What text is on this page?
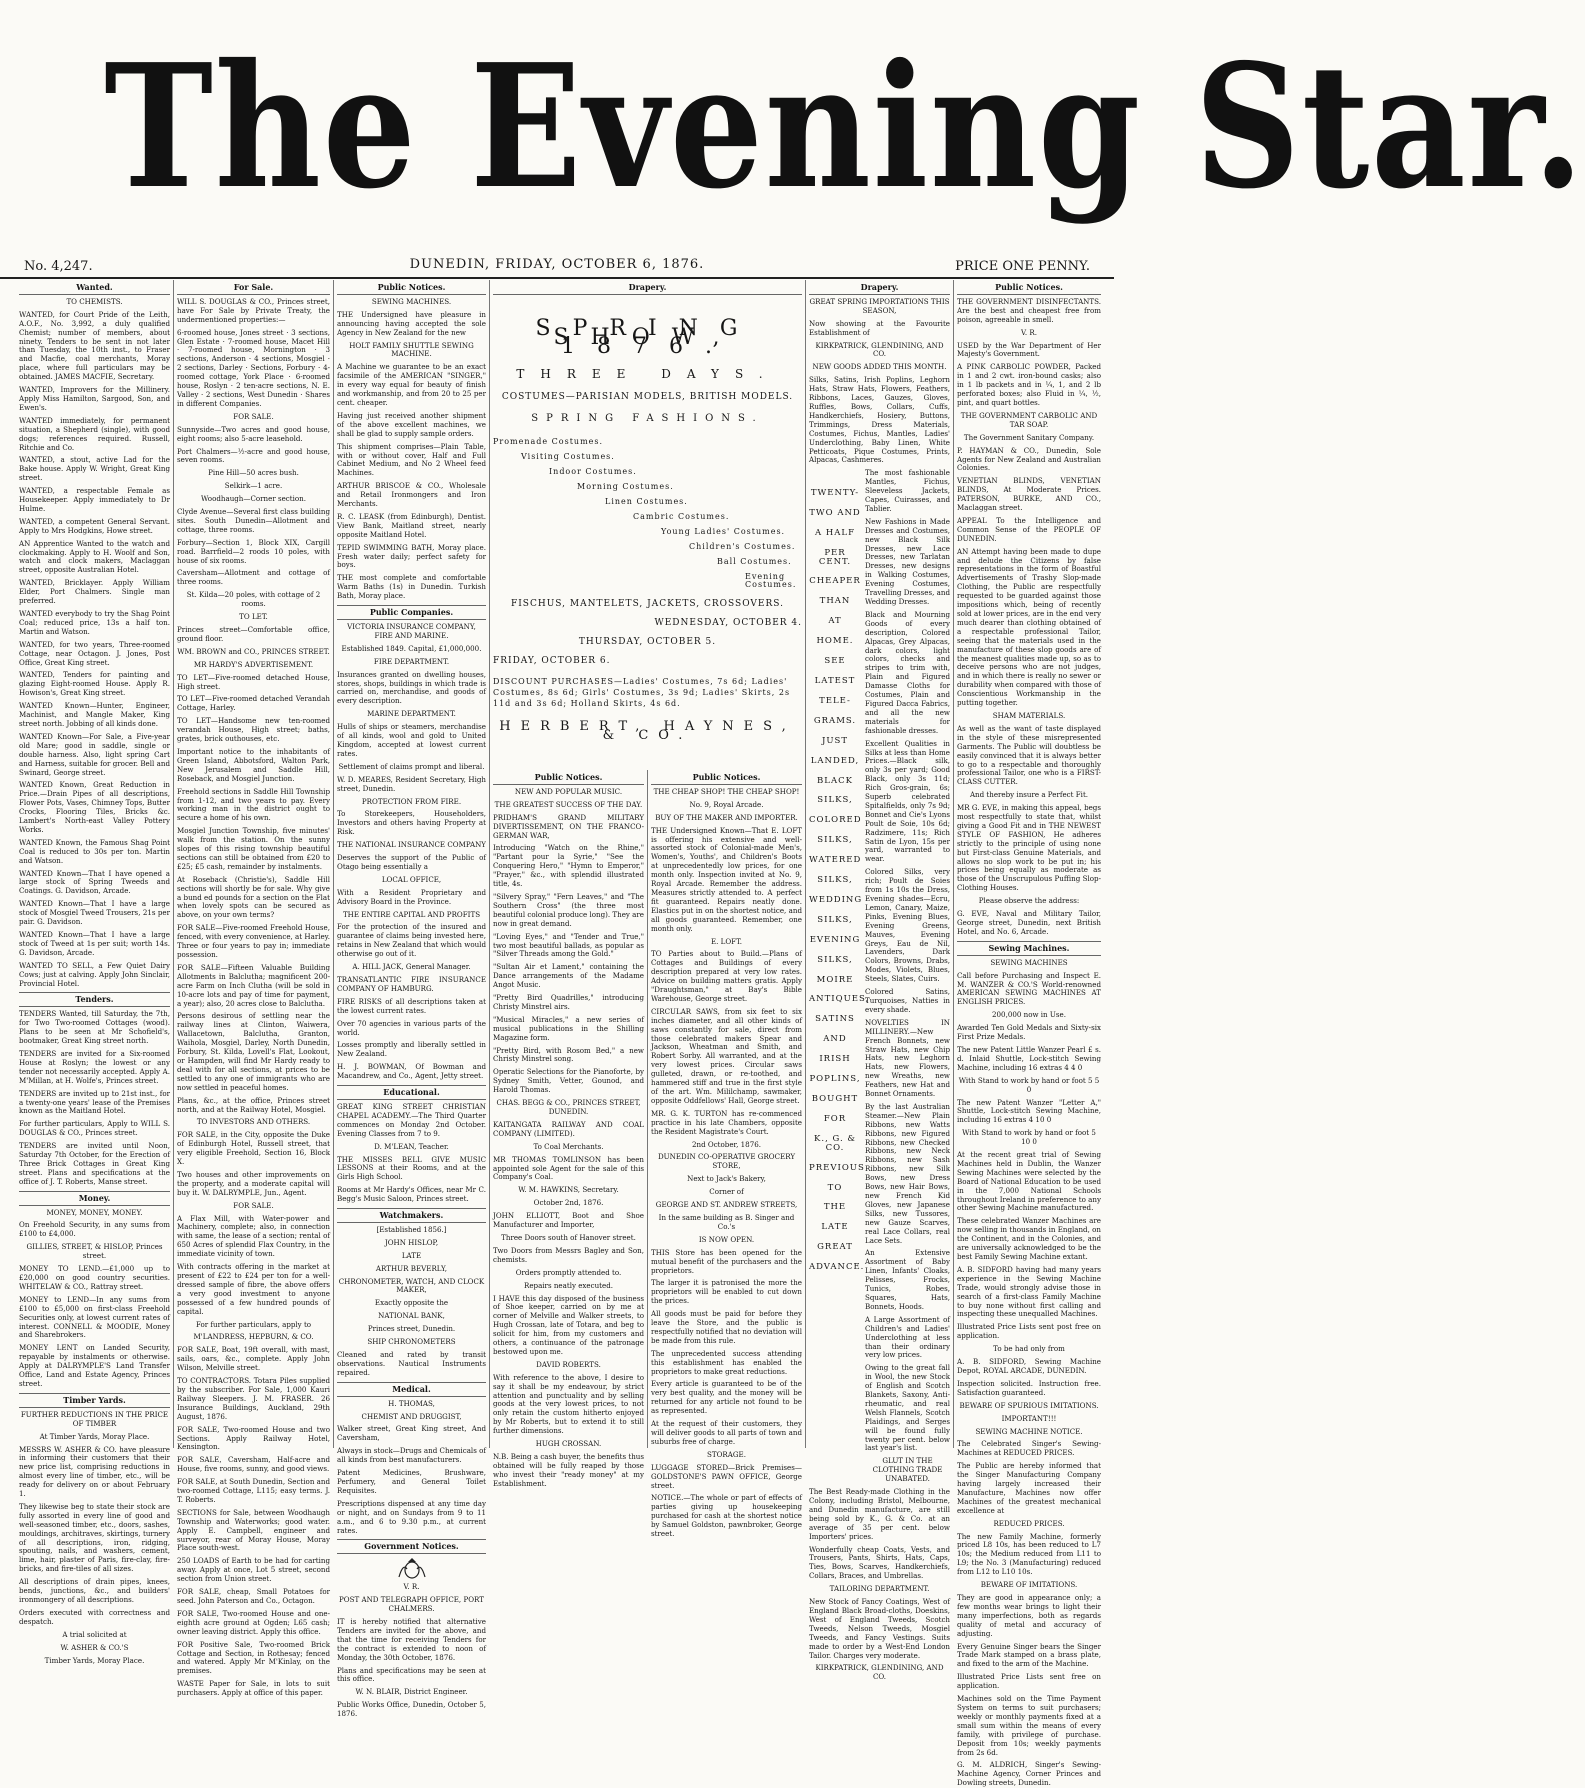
The Evening Star.
No. 4,247.	DUNEDIN, FRIDAY, OCTOBER 6, 1876.	PRICE ONE PENNY.
Wanted.

TO CHEMISTS.

WANTED, for Court Pride of the Leith, A.O.F., No. 3,992, a duly qualified Chemist; number of members, about ninety. Tenders to be sent in not later than Tuesday, the 10th inst., to Fraser and Macfie, coal merchants, Moray place, where full particulars may be obtained. JAMES MACFIE, Secretary.

WANTED, Improvers for the Millinery. Apply Miss Hamilton, Sargood, Son, and Ewen's.

WANTED immediately, for permanent situation, a Shepherd (single), with good dogs; references required. Russell, Ritchie and Co.

WANTED, a stout, active Lad for the Bake house. Apply W. Wright, Great King street.

WANTED, a respectable Female as Housekeeper. Apply immediately to Dr Hulme.

WANTED, a competent General Servant. Apply to Mrs Hodgkins, Howe street.

AN Apprentice Wanted to the watch and clockmaking. Apply to H. Woolf and Son, watch and clock makers, Maclaggan street, opposite Australian Hotel.

WANTED, Bricklayer. Apply William Elder, Port Chalmers. Single man preferred.

WANTED everybody to try the Shag Point Coal; reduced price, 13s a half ton. Martin and Watson.

WANTED, for two years, Three-roomed Cottage, near Octagon. J. Jones, Post Office, Great King street.

WANTED, Tenders for painting and glazing Eight-roomed House. Apply R. Howison's, Great King street.

WANTED Known—Hunter, Engineer, Machinist, and Mangle Maker, King street north. Jobbing of all kinds done.

WANTED Known—For Sale, a Five-year old Mare; good in saddle, single or double harness. Also, light spring Cart and Harness, suitable for grocer. Bell and Swinard, George street.

WANTED Known, Great Reduction in Price.—Drain Pipes of all descriptions, Flower Pots, Vases, Chimney Tops, Butter Crocks, Flooring Tiles, Bricks &c. Lambert's North-east Valley Pottery Works.

WANTED Known, the Famous Shag Point Coal is reduced to 30s per ton. Martin and Watson.

WANTED Known—That I have opened a large stock of Spring Tweeds and Coatings. G. Davidson, Arcade.

WANTED Known—That I have a large stock of Mosgiel Tweed Trousers, 21s per pair. G. Davidson.

WANTED Known—That I have a large stock of Tweed at 1s per suit; worth 14s. G. Davidson, Arcade.

WANTED TO SELL, a Few Quiet Dairy Cows; just at calving. Apply John Sinclair, Provincial Hotel.

Tenders.

TENDERS Wanted, till Saturday, the 7th, for Two Two-roomed Cottages (wood). Plans to be seen at Mr Schofield's, bootmaker, Great King street north.

TENDERS are invited for a Six-roomed House at Roslyn; the lowest or any tender not necessarily accepted. Apply A. M'Millan, at H. Wolfe's, Princes street.

TENDERS are invited up to 21st inst., for a twenty-one years' lease of the Premises known as the Maitland Hotel.

For further particulars, Apply to WILL S. DOUGLAS & CO., Princes street.

TENDERS are invited until Noon, Saturday 7th October, for the Erection of Three Brick Cottages in Great King street. Plans and specifications at the office of J. T. Roberts, Manse street.

Money.

MONEY, MONEY, MONEY.

On Freehold Security, in any sums from £100 to £4,000.

GILLIES, STREET, & HISLOP, Princes street.

MONEY TO LEND.—£1,000 up to £20,000 on good country securities. WHITELAW & CO., Rattray street.

MONEY to LEND—In any sums from £100 to £5,000 on first-class Freehold Securities only, at lowest current rates of interest. CONNELL & MOODIE, Money and Sharebrokers.

MONEY LENT on Landed Security, repayable by instalments or otherwise. Apply at DALRYMPLE'S Land Transfer Office, Land and Estate Agency, Princes street.

Timber Yards.

FURTHER REDUCTIONS IN THE PRICE OF TIMBER

At Timber Yards, Moray Place.

MESSRS W. ASHER & CO. have pleasure in informing their customers that their new price list, comprising reductions in almost every line of timber, etc., will be ready for delivery on or about February 1.

They likewise beg to state their stock are fully assorted in every line of good and well-seasoned timber, etc., doors, sashes, mouldings, architraves, skirtings, turnery of all descriptions, iron, ridging, spouting, nails, and washers, cement, lime, hair, plaster of Paris, fire-clay, fire-bricks, and fire-tiles of all sizes.

All descriptions of drain pipes, knees, bends, junctions, &c., and builders' ironmongery of all descriptions.

Orders executed with correctness and despatch.

A trial solicited at

W. ASHER & CO.'S

Timber Yards, Moray Place.

For Sale.

WILL S. DOUGLAS & CO., Princes street, have For Sale by Private Treaty, the undermentioned properties:—

6-roomed house, Jones street · 3 sections, Glen Estate · 7-roomed house, Macet Hill · 7-roomed house, Mornington · 3 sections, Anderson · 4 sections, Mosgiel · 2 sections, Darley · Sections, Forbury · 4-roomed cottage, York Place · 6-roomed house, Roslyn · 2 ten-acre sections, N. E. Valley · 2 sections, West Dunedin · Shares in different Companies.

FOR SALE.

Sunnyside—Two acres and good house, eight rooms; also 5-acre leasehold.

Port Chalmers—½-acre and good house, seven rooms.

Pine Hill—50 acres bush.

Selkirk—1 acre.

Woodhaugh—Corner section.

Clyde Avenue—Several first class building sites. South Dunedin—Allotment and cottage, three rooms.

Forbury—Section 1, Block XIX, Cargill road. Barrfield—2 roods 10 poles, with house of six rooms.

Caversham—Allotment and cottage of three rooms.

St. Kilda—20 poles, with cottage of 2 rooms.

TO LET.

Princes street—Comfortable office, ground floor.

WM. BROWN and CO., PRINCES STREET.

MR HARDY'S ADVERTISEMENT.

TO LET—Five-roomed detached House, High street.

TO LET—Five-roomed detached Verandah Cottage, Harley.

TO LET—Handsome new ten-roomed verandah House, High street; baths, grates, brick outhouses, etc.

Important notice to the inhabitants of Green Island, Abbotsford, Walton Park, New Jerusalem and Saddle Hill, Roseback, and Mosgiel Junction.

Freehold sections in Saddle Hill Township from 1-12, and two years to pay. Every working man in the district ought to secure a home of his own.

Mosgiel Junction Township, five minutes' walk from the station. On the sunny slopes of this rising township beautiful sections can still be obtained from £20 to £25; £5 cash, remainder by instalments.

At Roseback (Christie's), Saddle Hill sections will shortly be for sale. Why give a bund ed pounds for a section on the Flat when lovely spots can be secured as above, on your own terms?

FOR SALE—Five-roomed Freehold House, fenced, with every convenience, at Harley. Three or four years to pay in; immediate possession.

FOR SALE—Fifteen Valuable Building Allotments in Balclutha; magnificent 200-acre Farm on Inch Clutha (will be sold in 10-acre lots and pay of time for payment, a year); also, 20 acres close to Balclutha.

Persons desirous of settling near the railway lines at Clinton, Waiwera, Wallacetown, Balclutha, Granton, Waihola, Mosgiel, Darley, North Dunedin, Forbury, St. Kilda, Lovell's Flat, Lookout, or Hampden, will find Mr Hardy ready to deal with for all sections, at prices to be settled to any one of immigrants who are now settled in peaceful homes.

Plans, &c., at the office, Princes street north, and at the Railway Hotel, Mosgiel.

TO INVESTORS AND OTHERS.

FOR SALE, in the City, opposite the Duke of Edinburgh Hotel, Russell street, that very eligible Freehold, Section 16, Block X.

Two houses and other improvements on the property, and a moderate capital will buy it. W. DALRYMPLE, Jun., Agent.

FOR SALE.

A Flax Mill, with Water-power and Machinery, complete; also, in connection with same, the lease of a section; rental of 650 Acres of splendid Flax Country, in the immediate vicinity of town.

With contracts offering in the market at present of £22 to £24 per ton for a well-dressed sample of fibre, the above offers a very good investment to anyone possessed of a few hundred pounds of capital.

For further particulars, apply to

M'LANDRESS, HEPBURN, & CO.

FOR SALE, Boat, 19ft overall, with mast, sails, oars, &c., complete. Apply John Wilson, Melville street.

TO CONTRACTORS. Totara Piles supplied by the subscriber. For Sale, 1,000 Kauri Railway Sleepers. J. M. FRASER. 26 Insurance Buildings, Auckland, 29th August, 1876.

FOR SALE, Two-roomed House and two Sections. Apply Railway Hotel, Kensington.

FOR SALE, Caversham, Half-acre and House, five rooms, sunny, and good views.

FOR SALE, at South Dunedin, Section and two-roomed Cottage, L115; easy terms. J. T. Roberts.

SECTIONS for Sale, between Woodhaugh Township and Waterworks; good water. Apply E. Campbell, engineer and surveyor, rear of Moray House, Moray Place south-west.

250 LOADS of Earth to be had for carting away. Apply at once, Lot 5 street, second section from Union street.

FOR SALE, cheap, Small Potatoes for seed. John Paterson and Co., Octagon.

FOR SALE, Two-roomed House and one-eighth acre ground at Ogden; L65 cash; owner leaving district. Apply this office.

FOR Positive Sale, Two-roomed Brick Cottage and Section, in Rothesay; fenced and watered. Apply Mr M'Kinlay, on the premises.

WASTE Paper for Sale, in lots to suit purchasers. Apply at office of this paper.

Public Notices.

SEWING MACHINES.

THE Undersigned have pleasure in announcing having accepted the sole Agency in New Zealand for the new

HOLT FAMILY SHUTTLE SEWING MACHINE.

A Machine we guarantee to be an exact facsimile of the AMERICAN "SINGER," in every way equal for beauty of finish and workmanship, and from 20 to 25 per cent. cheaper.

Having just received another shipment of the above excellent machines, we shall be glad to supply sample orders.

This shipment comprises—Plain Table, with or without cover, Half and Full Cabinet Medium, and No 2 Wheel feed Machines.

ARTHUR BRISCOE & CO., Wholesale and Retail Ironmongers and Iron Merchants.

R. C. LEASK (from Edinburgh), Dentist. View Bank, Maitland street, nearly opposite Maitland Hotel.

TEPID SWIMMING BATH, Moray place. Fresh water daily; perfect safety for boys.

THE most complete and comfortable Warm Baths (1s) in Dunedin. Turkish Bath, Moray place.

Public Companies.

VICTORIA INSURANCE COMPANY, FIRE AND MARINE.

Established 1849. Capital, £1,000,000.

FIRE DEPARTMENT.

Insurances granted on dwelling houses, stores, shops, buildings in which trade is carried on, merchandise, and goods of every description.

MARINE DEPARTMENT.

Hulls of ships or steamers, merchandise of all kinds, wool and gold to United Kingdom, accepted at lowest current rates.

Settlement of claims prompt and liberal.

W. D. MEARES, Resident Secretary, High street, Dunedin.

PROTECTION FROM FIRE.

To Storekeepers, Householders, Investors and others having Property at Risk.

THE NATIONAL INSURANCE COMPANY

Deserves the support of the Public of Otago being essentially a

LOCAL OFFICE,

With a Resident Proprietary and Advisory Board in the Province.

THE ENTIRE CAPITAL AND PROFITS

For the protection of the insured and guarantee of claims being invested here, retains in New Zealand that which would otherwise go out of it.

A. HILL JACK, General Manager.

TRANSATLANTIC FIRE INSURANCE COMPANY OF HAMBURG.

FIRE RISKS of all descriptions taken at the lowest current rates.

Over 70 agencies in various parts of the world.

Losses promptly and liberally settled in New Zealand.

H. J. BOWMAN, Of Bowman and Macandrew, and Co., Agent, Jetty street.

Educational.

GREAT KING STREET CHRISTIAN CHAPEL ACADEMY.—The Third Quarter commences on Monday 2nd October. Evening Classes from 7 to 9.

D. M'LEAN, Teacher.

THE MISSES BELL GIVE MUSIC LESSONS at their Rooms, and at the Girls High School.

Rooms at Mr Hardy's Offices, near Mr C. Begg's Music Saloon, Princes street.

Watchmakers.

[Established 1856.]

JOHN HISLOP,

LATE

ARTHUR BEVERLY,

CHRONOMETER, WATCH, AND CLOCK MAKER,

Exactly opposite the

NATIONAL BANK,

Princes street, Dunedin.

SHIP CHRONOMETERS

Cleaned and rated by transit observations. Nautical Instruments repaired.

Medical.

H. THOMAS,

CHEMIST AND DRUGGIST,

Walker street, Great King street, And Caversham,

Always in stock—Drugs and Chemicals of all kinds from best manufacturers.

Patent Medicines, Brushware, Perfumery, and General Toilet Requisites.

Prescriptions dispensed at any time day or night, and on Sundays from 9 to 11 a.m., and 6 to 9.30 p.m., at current rates.

Government Notices.

V. R.

POST AND TELEGRAPH OFFICE, PORT CHALMERS.

IT is hereby notified that alternative Tenders are invited for the above, and that the time for receiving Tenders for the contract is extended to noon of Monday, the 30th October, 1876.

Plans and specifications may be seen at this office.

W. N. BLAIR, District Engineer.

Public Works Office, Dunedin, October 5, 1876.

Drapery.
SPRING SHOW, 1876.
THREE DAYS.
COSTUMES—PARISIAN MODELS, BRITISH MODELS.
SPRING FASHIONS.
Promenade Costumes.
Visiting Costumes.
Indoor Costumes.
Morning Costumes.
Linen Costumes.
Cambric Costumes.
Young Ladies' Costumes.
Children's Costumes.
Ball Costumes.
Evening Costumes.
FISCHUS, MANTELETS, JACKETS, CROSSOVERS.
WEDNESDAY, OCTOBER 4.
THURSDAY, OCTOBER 5.
FRIDAY, OCTOBER 6.
DISCOUNT PURCHASES—Ladies' Costumes, 7s 6d; Ladies' Costumes, 8s 6d; Girls' Costumes, 3s 9d; Ladies' Skirts, 2s 11d and 3s 6d; Holland Skirts, 4s 6d.
HERBERT, HAYNES, & CO.
Public Notices.

NEW AND POPULAR MUSIC.

THE GREATEST SUCCESS OF THE DAY.

PRIDHAM'S GRAND MILITARY DIVERTISSEMENT, ON THE FRANCO-GERMAN WAR,

Introducing "Watch on the Rhine," "Partant pour la Syrie," "See the Conquering Hero," "Hymn to Emperor," "Prayer," &c., with splendid illustrated title, 4s.

"Silvery Spray," "Fern Leaves," and "The Southern Cross" (the three most beautiful colonial produce long). They are now in great demand.

"Loving Eyes," and "Tender and True," two most beautiful ballads, as popular as "Silver Threads among the Gold."

"Sultan Air et Lament," containing the Dance arrangements of the Madame Angot Music.

"Pretty Bird Quadrilles," introducing Christy Minstrel airs.

"Musical Miracles," a new series of musical publications in the Shilling Magazine form.

"Pretty Bird, with Rosom Bed," a new Christy Minstrel song.

Operatic Selections for the Pianoforte, by Sydney Smith, Vetter, Gounod, and Harold Thomas.

CHAS. BEGG & CO., PRINCES STREET, DUNEDIN.

KAITANGATA RAILWAY AND COAL COMPANY (LIMITED).

To Coal Merchants.

MR THOMAS TOMLINSON has been appointed sole Agent for the sale of this Company's Coal.

W. M. HAWKINS, Secretary.

October 2nd, 1876.

JOHN ELLIOTT, Boot and Shoe Manufacturer and Importer,

Three Doors south of Hanover street.

Two Doors from Messrs Bagley and Son, chemists.

Orders promptly attended to.

Repairs neatly executed.

I HAVE this day disposed of the business of Shoe keeper, carried on by me at corner of Melville and Walker streets, to Hugh Crossan, late of Totara, and beg to solicit for him, from my customers and others, a continuance of the patronage bestowed upon me.

DAVID ROBERTS.

With reference to the above, I desire to say it shall be my endeavour, by strict attention and punctuality and by selling goods at the very lowest prices, to not only retain the custom hitherto enjoyed by Mr Roberts, but to extend it to still further dimensions.

HUGH CROSSAN.

N.B. Being a cash buyer, the benefits thus obtained will be fully reaped by those who invest their "ready money" at my Establishment.

Public Notices.

THE CHEAP SHOP! THE CHEAP SHOP!

No. 9, Royal Arcade.

BUY OF THE MAKER AND IMPORTER.

THE Undersigned Known—That E. LOFT is offering his extensive and well-assorted stock of Colonial-made Men's, Women's, Youths', and Children's Boots at unprecedentedly low prices, for one month only. Inspection invited at No. 9, Royal Arcade. Remember the address. Measures strictly attended to. A perfect fit guaranteed. Repairs neatly done. Elastics put in on the shortest notice, and all goods guaranteed. Remember, one month only.

E. LOFT.

TO Parties about to Build.—Plans of Cottages and Buildings of every description prepared at very low rates. Advice on building matters gratis. Apply "Draughtsman," at Bay's Bible Warehouse, George street.

CIRCULAR SAWS, from six feet to six inches diameter, and all other kinds of saws constantly for sale, direct from those celebrated makers Spear and Jackson, Wheatman and Smith, and Robert Sorby. All warranted, and at the very lowest prices. Circular saws gulleted, drawn, or re-toothed, and hammered stiff and true in the first style of the art. Wm. Mililchamp, sawmaker, opposite Oddfellows' Hall, George street.

MR. G. K. TURTON has re-commenced practice in his late Chambers, opposite the Resident Magistrate's Court.

2nd October, 1876.

DUNEDIN CO-OPERATIVE GROCERY STORE,

Next to Jack's Bakery,

Corner of

GEORGE AND ST. ANDREW STREETS,

In the same building as B. Singer and Co.'s

IS NOW OPEN.

THIS Store has been opened for the mutual benefit of the purchasers and the proprietors.

The larger it is patronised the more the proprietors will be enabled to cut down the prices.

All goods must be paid for before they leave the Store, and the public is respectfully notified that no deviation will be made from this rule.

The unprecedented success attending this establishment has enabled the proprietors to make great reductions.

Every article is guaranteed to be of the very best quality, and the money will be returned for any article not found to be as represented.

At the request of their customers, they will deliver goods to all parts of town and suburbs free of charge.

STORAGE.

LUGGAGE STORED—Brick Premises—GOLDSTONE'S PAWN OFFICE, George street.

NOTICE.—The whole or part of effects of parties giving up housekeeping purchased for cash at the shortest notice by Samuel Goldston, pawnbroker, George street.

Drapery.
TWENTY-
TWO AND
A HALF
PER CENT.
CHEAPER
THAN
AT
HOME.
SEE
LATEST
TELE-
GRAMS.
JUST
LANDED,
BLACK
SILKS,
COLORED
SILKS,
WATERED
SILKS,
WEDDING
SILKS,
EVENING
SILKS,
MOIRE
ANTIQUES,
SATINS
AND
IRISH
POPLINS,
BOUGHT
FOR
K., G. & CO.
PREVIOUS
TO
THE
LATE
GREAT
ADVANCE.

GREAT SPRING IMPORTATIONS THIS SEASON,

Now showing at the Favourite Establishment of

KIRKPATRICK, GLENDINING, AND CO.

NEW GOODS ADDED THIS MONTH.

Silks, Satins, Irish Poplins, Leghorn Hats, Straw Hats, Flowers, Feathers, Ribbons, Laces, Gauzes, Gloves, Ruffles, Bows, Collars, Cuffs, Handkerchiefs, Hosiery, Buttons, Trimmings, Dress Materials, Costumes, Fichus, Mantles, Ladies' Underclothing, Baby Linen, White Petticoats, Pique Costumes, Prints, Alpacas, Cashmeres.

The most fashionable Mantles, Fichus, Sleeveless Jackets, Capes, Cuirasses, and Tablier.

New Fashions in Made Dresses and Costumes, new Black Silk Dresses, new Lace Dresses, new Tarlatan Dresses, new designs in Walking Costumes, Evening Costumes, Travelling Dresses, and Wedding Dresses.

Black and Mourning Goods of every description, Colored Alpacas, Grey Alpacas, dark colors, light colors, checks and stripes to trim with, Plain and Figured Damasse Cloths for Costumes, Plain and Figured Dacca Fabrics, and all the new materials for fashionable dresses.

Excellent Qualities in Silks at less than Home Prices.—Black silk, only 3s per yard; Good Black, only 3s 11d; Rich Gros-grain, 6s; Superb celebrated Spitalfields, only 7s 9d; Bonnet and Cie's Lyons Poult de Soie, 10s 6d; Radzimere, 11s; Rich Satin de Lyon, 15s per yard, warranted to wear.

Colored Silks, very rich; Poult de Soies from 1s 10s the Dress, Evening shades—Ecru, Lemon, Canary, Maize, Pinks, Evening Blues, Evening Greens, Mauves, Evening Greys, Eau de Nil, Lavenders, Dark Colors, Browns, Drabs, Modes, Violets, Blues, Steels, Slates, Cuirs.

Colored Satins, Turquoises, Natties in every shade.

NOVELTIES IN MILLINERY.—New French Bonnets, new Straw Hats, new Chip Hats, new Leghorn Hats, new Flowers, new Wreaths, new Feathers, new Hat and Bonnet Ornaments.

By the last Australian Steamer.—New Plain Ribbons, new Watts Ribbons, new Figured Ribbons, new Checked Ribbons, new Neck Ribbons, new Sash Ribbons, new Silk Bows, new Dress Bows, new Hair Bows, new French Kid Gloves, new Japanese Silks, new Tussores, new Gauze Scarves, real Lace Collars, real Lace Sets.

An Extensive Assortment of Baby Linen, Infants' Cloaks, Pelisses, Frocks, Tunics, Robes, Squares, Hats, Bonnets, Hoods.

A Large Assortment of Children's and Ladies' Underclothing at less than their ordinary very low prices.

Owing to the great fall in Wool, the new Stock of English and Scotch Blankets, Saxony, Anti-rheumatic, and real Welsh Flannels, Scotch Plaidings, and Serges will be found fully twenty per cent. below last year's list.

GLUT IN THE CLOTHING TRADE UNABATED.

The Best Ready-made Clothing in the Colony, including Bristol, Melbourne, and Dunedin manufacture, are still being sold by K., G. & Co. at an average of 35 per cent. below Importers' prices.

Wonderfully cheap Coats, Vests, and Trousers, Pants, Shirts, Hats, Caps, Ties, Bows, Scarves, Handkerchiefs, Collars, Braces, and Umbrellas.

TAILORING DEPARTMENT.

New Stock of Fancy Coatings, West of England Black Broad-cloths, Doeskins, West of England Tweeds, Scotch Tweeds, Nelson Tweeds, Mosgiel Tweeds, and Fancy Vestings. Suits made to order by a West-End London Tailor. Charges very moderate.

KIRKPATRICK, GLENDINING, AND CO.

Public Notices.

THE GOVERNMENT DISINFECTANTS. Are the best and cheapest free from poison, agreeable in smell.

V. R.

USED by the War Department of Her Majesty's Government.

A PINK CARBOLIC POWDER, Packed in 1 and 2 cwt. iron-bound casks; also in 1 lb packets and in ¼, 1, and 2 lb perforated boxes; also Fluid in ¼, ½, pint, and quart bottles.

THE GOVERNMENT CARBOLIC AND TAR SOAP.

The Government Sanitary Company.

P. HAYMAN & CO., Dunedin, Sole Agents for New Zealand and Australian Colonies.

VENETIAN BLINDS, VENETIAN BLINDS, At Moderate Prices. PATERSON, BURKE, AND CO., Maclaggan street.

APPEAL To the Intelligence and Common Sense of the PEOPLE OF DUNEDIN.

AN Attempt having been made to dupe and delude the Citizens by false representations in the form of Boastful Advertisements of Trashy Slop-made Clothing, the Public are respectfully requested to be guarded against those impositions which, being of recently sold at lower prices, are in the end very much dearer than clothing obtained of a respectable professional Tailor, seeing that the materials used in the manufacture of these slop goods are of the meanest qualities made up, so as to deceive persons who are not judges, and in which there is really no sewer or durability when compared with those of Conscientious Workmanship in the putting together.

SHAM MATERIALS.

As well as the want of taste displayed in the style of these misrepresented Garments. The Public will doubtless be easily convinced that it is always better to go to a respectable and thoroughly professional Tailor, one who is a FIRST-CLASS CUTTER.

And thereby insure a Perfect Fit.

MR G. EVE, in making this appeal, begs most respectfully to state that, whilst giving a Good Fit and in THE NEWEST STYLE OF FASHION, He adheres strictly to the principle of using none but First-class Genuine Materials, and allows no slop work to be put in; his prices being equally as moderate as those of the Unscrupulous Puffing Slop-Clothing Houses.

Please observe the address:

G. EVE, Naval and Military Tailor, George street, Dunedin, next British Hotel, and No. 6, Arcade.

Sewing Machines.

SEWING MACHINES

Call before Purchasing and Inspect E. M. WANZER & CO.'S World-renowned AMERICAN SEWING MACHINES AT ENGLISH PRICES.

200,000 now in Use.

Awarded Ten Gold Medals and Sixty-six First Prize Medals.

The new Patent Little Wanzer Pearl £ s. d. Inlaid Shuttle, Lock-stitch Sewing Machine, including 16 extras 4 4 0

With Stand to work by hand or foot 5 5 0

The new Patent Wanzer "Letter A," Shuttle, Lock-stitch Sewing Machine, including 16 extras 4 10 0

With Stand to work by hand or foot 5 10 0

At the recent great trial of Sewing Machines held in Dublin, the Wanzer Sewing Machines were selected by the Board of National Education to be used in the 7,000 National Schools throughout Ireland in preference to any other Sewing Machine manufactured.

These celebrated Wanzer Machines are now selling in thousands in England, on the Continent, and in the Colonies, and are universally acknowledged to be the best Family Sewing Machine extant.

A. B. SIDFORD having had many years experience in the Sewing Machine Trade, would strongly advise those in search of a first-class Family Machine to buy none without first calling and inspecting these unequalled Machines.

Illustrated Price Lists sent post free on application.

To be had only from

A. B. SIDFORD, Sewing Machine Depot, ROYAL ARCADE, DUNEDIN.

Inspection solicited. Instruction free. Satisfaction guaranteed.

BEWARE OF SPURIOUS IMITATIONS.

IMPORTANT!!!

SEWING MACHINE NOTICE.

The Celebrated Singer's Sewing-Machines at REDUCED PRICES.

The Public are hereby informed that the Singer Manufacturing Company having largely increased their Manufacture, Machines now offer Machines of the greatest mechanical excellence at

REDUCED PRICES.

The new Family Machine, formerly priced L8 10s, has been reduced to L7 10s; the Medium reduced from L11 to L9; the No. 3 (Manufacturing) reduced from L12 to L10 10s.

BEWARE OF IMITATIONS.

They are good in appearance only; a few months wear brings to light their many imperfections, both as regards quality of metal and accuracy of adjusting.

Every Genuine Singer bears the Singer Trade Mark stamped on a brass plate, and fixed to the arm of the Machine.

Illustrated Price Lists sent free on application.

Machines sold on the Time Payment System on terms to suit purchasers; weekly or monthly payments fixed at a small sum within the means of every family, with privilege of purchase. Deposit from 10s; weekly payments from 2s 6d.

G. M. ALDRICH, Singer's Sewing-Machine Agency, Corner Princes and Dowling streets, Dunedin.
